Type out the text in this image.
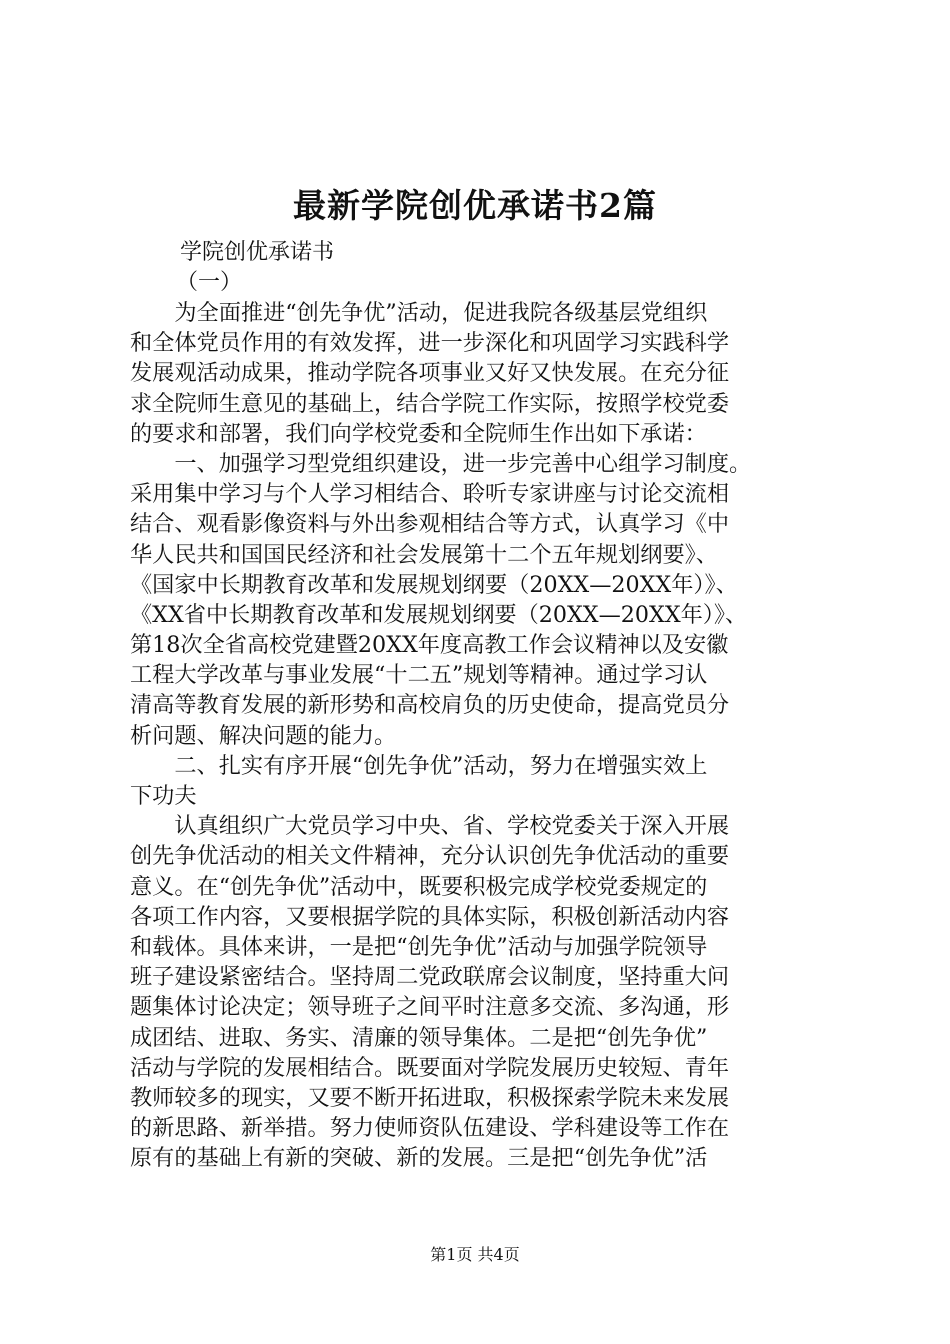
最新学院创优承诺书2篇

学院创优承诺书

（一）

　　为全面推进“创先争优”活动，促进我院各级基层党组织

和全体党员作用的有效发挥，进一步深化和巩固学习实践科学

发展观活动成果，推动学院各项事业又好又快发展。在充分征

求全院师生意见的基础上，结合学院工作实际，按照学校党委

的要求和部署，我们向学校党委和全院师生作出如下承诺：

　　一、加强学习型党组织建设，进一步完善中心组学习制度。

采用集中学习与个人学习相结合、聆听专家讲座与讨论交流相

结合、观看影像资料与外出参观相结合等方式，认真学习《中

华人民共和国国民经济和社会发展第十二个五年规划纲要》、

《国家中长期教育改革和发展规划纲要（20XX—20XX年）》、

《XX省中长期教育改革和发展规划纲要（20XX—20XX年）》、

第18次全省高校党建暨20XX年度高教工作会议精神以及安徽

工程大学改革与事业发展“十二五”规划等精神。通过学习认

清高等教育发展的新形势和高校肩负的历史使命，提高党员分

析问题、解决问题的能力。

　　二、扎实有序开展“创先争优”活动，努力在增强实效上

下功夫

　　认真组织广大党员学习中央、省、学校党委关于深入开展

创先争优活动的相关文件精神，充分认识创先争优活动的重要

意义。在“创先争优”活动中，既要积极完成学校党委规定的

各项工作内容，又要根据学院的具体实际，积极创新活动内容

和载体。具体来讲，一是把“创先争优”活动与加强学院领导

班子建设紧密结合。坚持周二党政联席会议制度，坚持重大问

题集体讨论决定；领导班子之间平时注意多交流、多沟通，形

成团结、进取、务实、清廉的领导集体。二是把“创先争优”

活动与学院的发展相结合。既要面对学院发展历史较短、青年

教师较多的现实，又要不断开拓进取，积极探索学院未来发展

的新思路、新举措。努力使师资队伍建设、学科建设等工作在

原有的基础上有新的突破、新的发展。三是把“创先争优”活

第1页 共4页
